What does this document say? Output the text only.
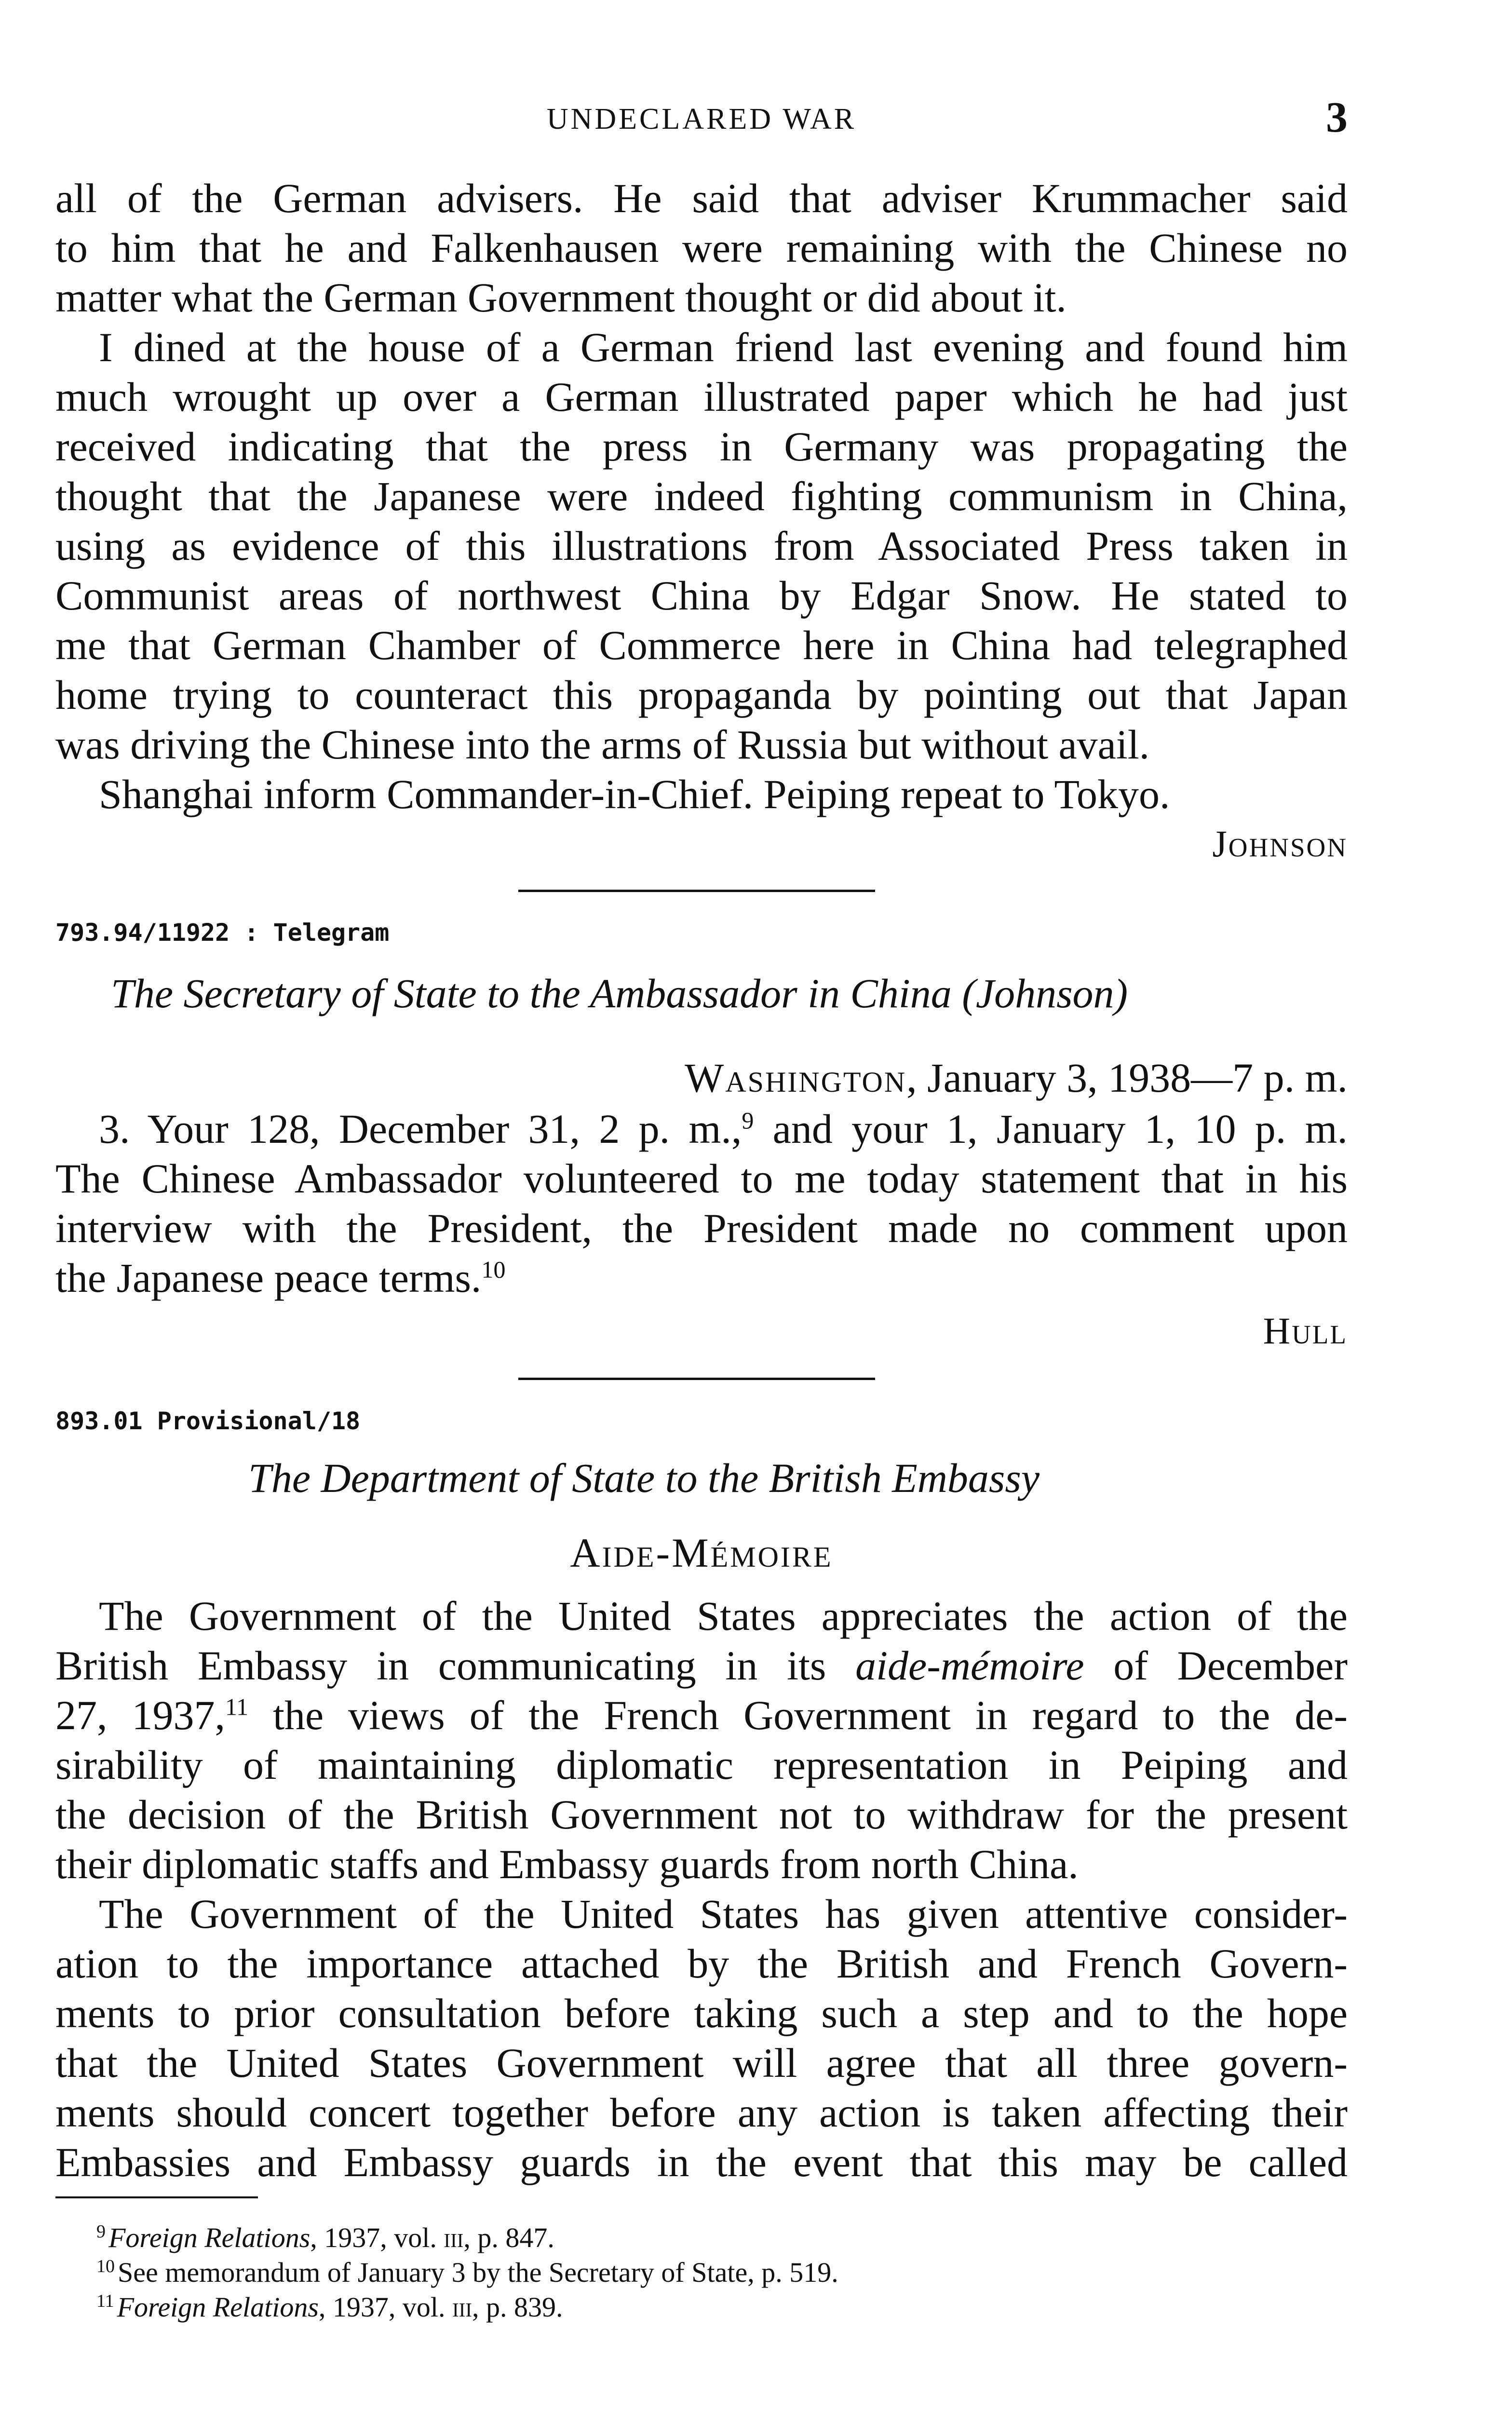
UNDECLARED WAR	3

all of the German advisers. He said that adviser Krummacher said
to him that he and Falkenhausen were remaining with the Chinese no
matter what the German Government thought or did about it.

I dined at the house of a German friend last evening and found him
much wrought up over a German illustrated paper which he had just
received indicating that the press in Germany was propagating the
thought that the Japanese were indeed fighting communism in China,
using as evidence of this illustrations from Associated Press taken in
Communist areas of northwest China by Edgar Snow. He stated to
me that German Chamber of Commerce here in China had telegraphed
home trying to counteract this propaganda by pointing out that Japan
was driving the Chinese into the arms of Russia but without avail.

Shanghai inform Commander-in-Chief. Peiping repeat to Tokyo.

Johnson
793.94/11922 : Telegram
The Secretary of State to the Ambassador in China (Johnson)
Washington, January 3, 1938—7 p. m.

3. Your 128, December 31, 2 p. m.,$^9$ and your 1, January 1, 10 p. m.
The Chinese Ambassador volunteered to me today statement that in his
interview with the President, the President made no comment upon
the Japanese peace terms.$^{10}$

Hull
893.01 Provisional/18
The Department of State to the British Embassy
Aide-Mémoire

The Government of the United States appreciates the action of the
British Embassy in communicating in its aide-mémoire of December
27, 1937,11 the views of the French Government in regard to the de-
sirability of maintaining diplomatic representation in Peiping and
the decision of the British Government not to withdraw for the present
their diplomatic staffs and Embassy guards from north China.

The Government of the United States has given attentive consider-
ation to the importance attached by the British and French Govern-
ments to prior consultation before taking such a step and to the hope
that the United States Government will agree that all three govern-
ments should concert together before any action is taken affecting their
Embassies and Embassy guards in the event that this may be called

$^9$ Foreign Relations, 1937, vol. iii, p. 847.
$^{10}$ See memorandum of January 3 by the Secretary of State, p. 519.
$^{11}$ Foreign Relations, 1937, vol. iii, p. 839.
